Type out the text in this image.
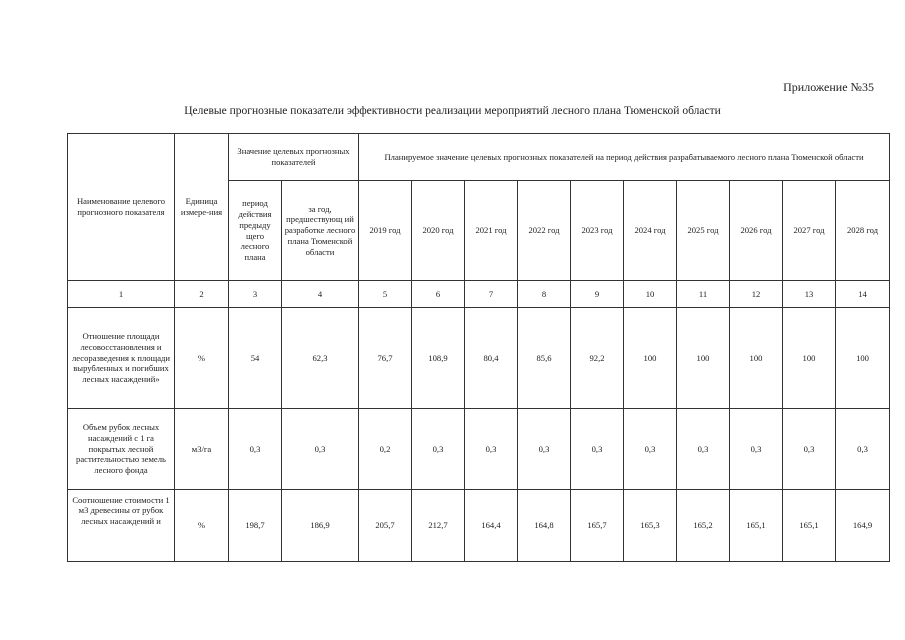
Приложение №35
Целевые прогнозные показатели эффективности реализации мероприятий лесного плана Тюменской области
Наименование целевого прогнозного показателя	Единица измере-ния	Значение целевых прогнозных показателей		Планируемое значение целевых прогнозных показателей на период действия разрабатываемого лесного плана Тюменской области									
		период действия предыду щего лесного плана	за год, предшествующ ий разработке лесного плана Тюменской области	2019 год	2020 год	2021 год	2022 год	2023 год	2024 год	2025 год	2026 год	2027 год	2028 год
1	2	3	4	5	6	7	8	9	10	11	12	13	14
Отношение площади лесовосстановления и лесоразведения к площади вырубленных и погибших лесных насаждений»	%	54	62,3	76,7	108,9	80,4	85,6	92,2	100	100	100	100	100
Объем рубок лесных насаждений с 1 га покрытых лесной растительностью земель лесного фонда	м3/га	0,3	0,3	0,2	0,3	0,3	0,3	0,3	0,3	0,3	0,3	0,3	0,3

Соотношение стоимости 1 м3 древесины от рубок лесных насаждений и	%	198,7	186,9	205,7	212,7	164,4	164,8	165,7	165,3	165,2	165,1	165,1	164,9
